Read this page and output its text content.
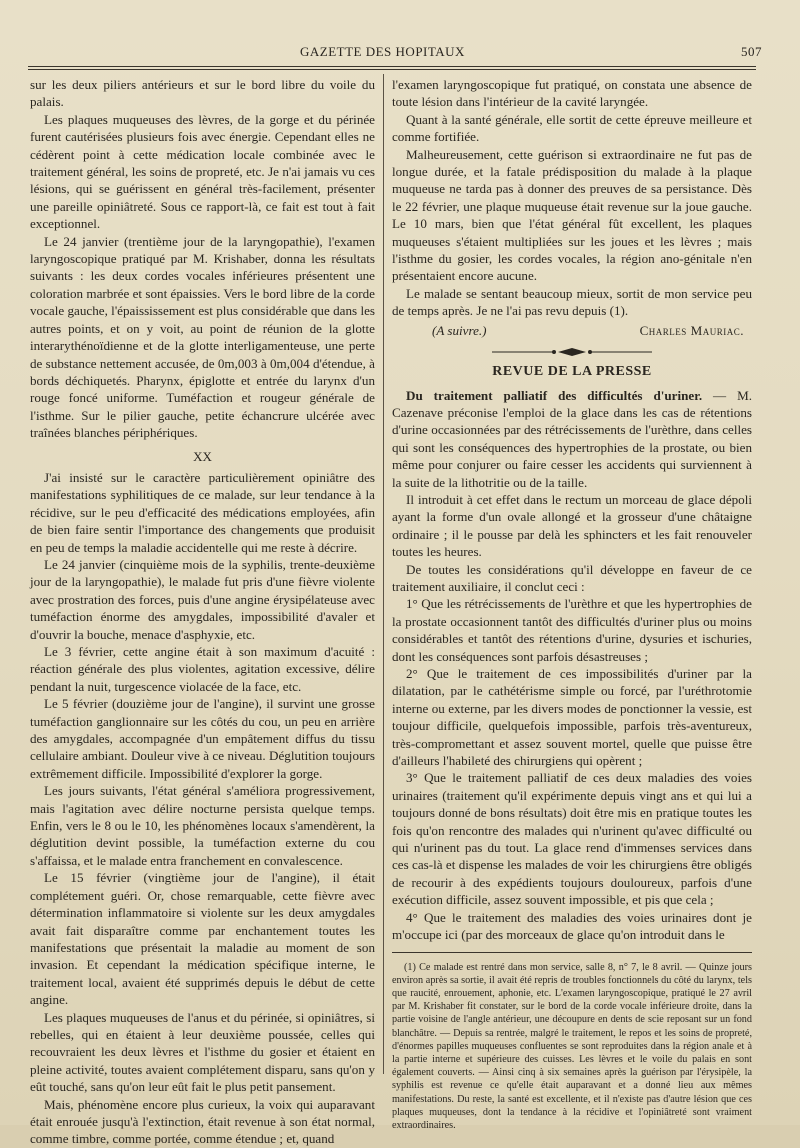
GAZETTE DES HOPITAUX	507

sur les deux piliers antérieurs et sur le bord libre du voile du palais.

Les plaques muqueuses des lèvres, de la gorge et du périnée furent cautérisées plusieurs fois avec énergie. Cependant elles ne cédèrent point à cette médication locale combinée avec le traitement général, les soins de propreté, etc. Je n'ai jamais vu ces lésions, qui se guérissent en général très-facilement, présenter une pareille opiniâtreté. Sous ce rapport-là, ce fait est tout à fait exceptionnel.

Le 24 janvier (trentième jour de la laryngopathie), l'examen laryngoscopique pratiqué par M. Krishaber, donna les résultats suivants : les deux cordes vocales inférieures présentent une coloration marbrée et sont épaissies. Vers le bord libre de la corde vocale gauche, l'épaississement est plus considérable que dans les autres points, et on y voit, au point de réunion de la glotte interarythénoïdienne et de la glotte interligamenteuse, une perte de substance nettement accusée, de 0m,003 à 0m,004 d'étendue, à bords déchiquetés. Pharynx, épiglotte et entrée du larynx d'un rouge foncé uniforme. Tuméfaction et rougeur générale de l'isthme. Sur le pilier gauche, petite échancrure ulcérée avec traînées blanches périphériques.

XX

J'ai insisté sur le caractère particulièrement opiniâtre des manifestations syphilitiques de ce malade, sur leur tendance à la récidive, sur le peu d'efficacité des médications employées, afin de bien faire sentir l'importance des changements que produisit en peu de temps la maladie accidentelle qui me reste à décrire.

Le 24 janvier (cinquième mois de la syphilis, trente-deuxième jour de la laryngopathie), le malade fut pris d'une fièvre violente avec prostration des forces, puis d'une angine érysipélateuse avec tuméfaction énorme des amygdales, impossibilité d'avaler et d'ouvrir la bouche, menace d'asphyxie, etc.

Le 3 février, cette angine était à son maximum d'acuité : réaction générale des plus violentes, agitation excessive, délire pendant la nuit, turgescence violacée de la face, etc.

Le 5 février (douzième jour de l'angine), il survint une grosse tuméfaction ganglionnaire sur les côtés du cou, un peu en arrière des amygdales, accompagnée d'un empâtement diffus du tissu cellulaire ambiant. Douleur vive à ce niveau. Déglutition toujours extrêmement difficile. Impossibilité d'explorer la gorge.

Les jours suivants, l'état général s'améliora progressivement, mais l'agitation avec délire nocturne persista quelque temps. Enfin, vers le 8 ou le 10, les phénomènes locaux s'amendèrent, la déglutition devint possible, la tuméfaction externe du cou s'affaissa, et le malade entra franchement en convalescence.

Le 15 février (vingtième jour de l'angine), il était complétement guéri. Or, chose remarquable, cette fièvre avec détermination inflammatoire si violente sur les deux amygdales avait fait disparaître comme par enchantement toutes les manifestations que présentait la maladie au moment de son invasion. Et cependant la médication spécifique interne, le traitement local, avaient été supprimés depuis le début de cette angine.

Les plaques muqueuses de l'anus et du périnée, si opiniâtres, si rebelles, qui en étaient à leur deuxième poussée, celles qui recouvraient les deux lèvres et l'isthme du gosier et étaient en pleine activité, toutes avaient complétement disparu, sans qu'on y eût touché, sans qu'on leur eût fait le plus petit pansement.

Mais, phénomène encore plus curieux, la voix qui auparavant était enrouée jusqu'à l'extinction, était revenue à son état normal, comme timbre, comme portée, comme étendue ; et, quand

l'examen laryngoscopique fut pratiqué, on constata une absence de toute lésion dans l'intérieur de la cavité laryngée.

Quant à la santé générale, elle sortit de cette épreuve meilleure et comme fortifiée.

Malheureusement, cette guérison si extraordinaire ne fut pas de longue durée, et la fatale prédisposition du malade à la plaque muqueuse ne tarda pas à donner des preuves de sa persistance. Dès le 22 février, une plaque muqueuse était revenue sur la joue gauche. Le 10 mars, bien que l'état général fût excellent, les plaques muqueuses s'étaient multipliées sur les joues et les lèvres ; mais l'isthme du gosier, les cordes vocales, la région ano-génitale n'en présentaient encore aucune.

Le malade se sentant beaucoup mieux, sortit de mon service peu de temps après. Je ne l'ai pas revu depuis (1).

(A suivre.)	Charles Mauriac.
REVUE DE LA PRESSE

Du traitement palliatif des difficultés d'uriner. — M. Cazenave préconise l'emploi de la glace dans les cas de rétentions d'urine occasionnées par des rétrécissements de l'urèthre, dans celles qui sont les conséquences des hypertrophies de la prostate, ou bien même pour conjurer ou faire cesser les accidents qui surviennent à la suite de la lithotritie ou de la taille.

Il introduit à cet effet dans le rectum un morceau de glace dépoli ayant la forme d'un ovale allongé et la grosseur d'une châtaigne ordinaire ; il le pousse par delà les sphincters et les fait renouveler toutes les heures.

De toutes les considérations qu'il développe en faveur de ce traitement auxiliaire, il conclut ceci :

1° Que les rétrécissements de l'urèthre et que les hypertrophies de la prostate occasionnent tantôt des difficultés d'uriner plus ou moins considérables et tantôt des rétentions d'urine, dysuries et ischuries, dont les conséquences sont parfois désastreuses ;

2° Que le traitement de ces impossibilités d'uriner par la dilatation, par le cathétérisme simple ou forcé, par l'uréthrotomie interne ou externe, par les divers modes de ponctionner la vessie, est toujour difficile, quelquefois impossible, parfois très-aventureux, très-compromettant et assez souvent mortel, quelle que puisse être d'ailleurs l'habileté des chirurgiens qui opèrent ;

3° Que le traitement palliatif de ces deux maladies des voies urinaires (traitement qu'il expérimente depuis vingt ans et qui lui a toujours donné de bons résultats) doit être mis en pratique toutes les fois qu'on rencontre des malades qui n'urinent qu'avec difficulté ou qui n'urinent pas du tout. La glace rend d'immenses services dans ces cas-là et dispense les malades de voir les chirurgiens être obligés de recourir à des expédients toujours douloureux, parfois d'une exécution difficile, assez souvent impossible, et pis que cela ;

4° Que le traitement des maladies des voies urinaires dont je m'occupe ici (par des morceaux de glace qu'on introduit dans le

(1) Ce malade est rentré dans mon service, salle 8, n° 7, le 8 avril. — Quinze jours environ après sa sortie, il avait été repris de troubles fonctionnels du côté du larynx, tels que raucité, enrouement, aphonie, etc. L'examen laryngoscopique, pratiqué le 27 avril par M. Krishaber fit constater, sur le bord de la corde vocale inférieure droite, dans la partie voisine de l'angle antérieur, une découpure en dents de scie reposant sur un fond blanchâtre. — Depuis sa rentrée, malgré le traitement, le repos et les soins de propreté, d'énormes papilles muqueuses confluentes se sont reproduites dans la région anale et à la partie interne et supérieure des cuisses. Les lèvres et le voile du palais en sont également couverts. — Ainsi cinq à six semaines après la guérison par l'érysipèle, la syphilis est revenue ce qu'elle était auparavant et a donné lieu aux mêmes manifestations. Du reste, la santé est excellente, et il n'existe pas d'autre lésion que ces plaques muqueuses, dont la tendance à la récidive et l'opiniâtreté sont vraiment extraordinaires.
